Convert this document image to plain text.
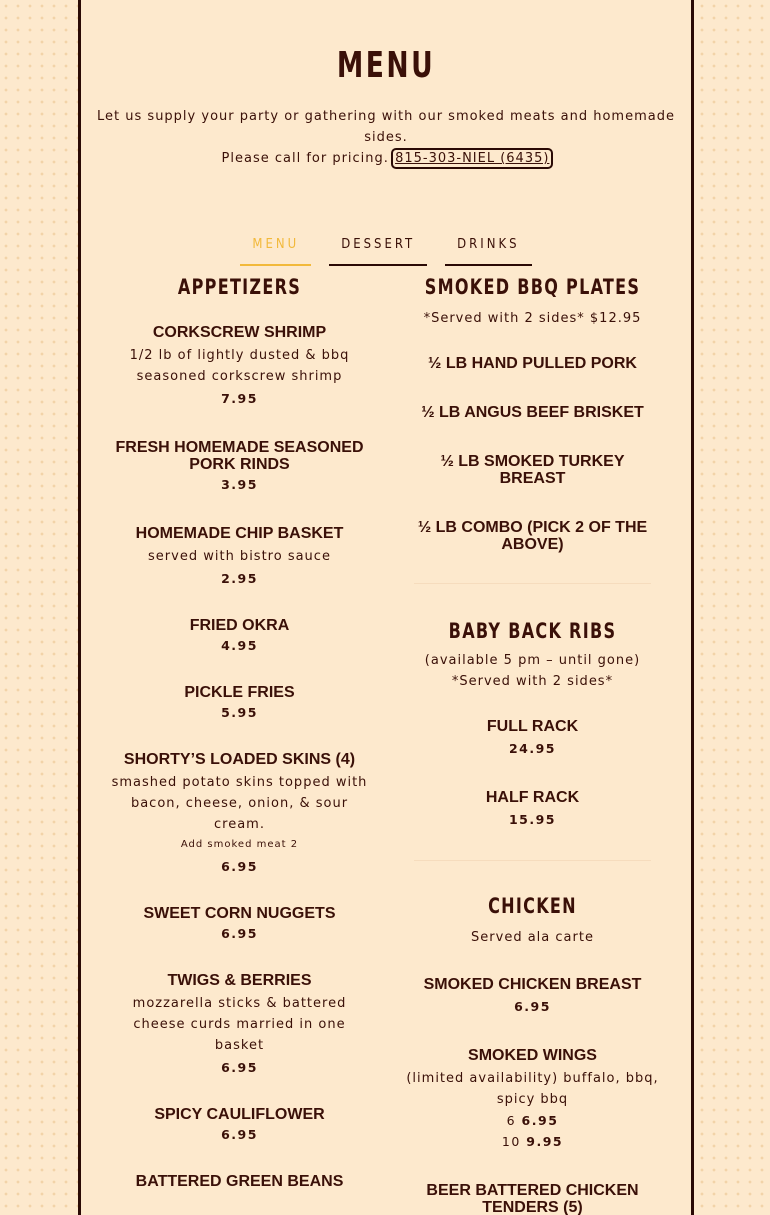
MENU
Let us supply your party or gathering with our smoked meats and homemade sides.
Please call for pricing. 815-303-NIEL (6435)
MENU	DESSERT	DRINKS
APPETIZERS
CORKSCREW SHRIMP
1/2 lb of lightly dusted & bbq seasoned corkscrew shrimp
7.95
FRESH HOMEMADE SEASONED PORK RINDS
3.95
HOMEMADE CHIP BASKET
served with bistro sauce
2.95
FRIED OKRA
4.95
PICKLE FRIES
5.95
SHORTY’S LOADED SKINS (4)
smashed potato skins topped with bacon, cheese, onion, & sour cream.
Add smoked meat 2
6.95
SWEET CORN NUGGETS
6.95
TWIGS & BERRIES
mozzarella sticks & battered cheese curds married in one basket
6.95
SPICY CAULIFLOWER
6.95
BATTERED GREEN BEANS
SMOKED BBQ PLATES
*Served with 2 sides* $12.95
½ LB HAND PULLED PORK
½ LB ANGUS BEEF BRISKET
½ LB SMOKED TURKEY BREAST
½ LB COMBO (PICK 2 OF THE ABOVE)
BABY BACK RIBS
(available 5 pm – until gone)
*Served with 2 sides*
FULL RACK
24.95
HALF RACK
15.95
CHICKEN
Served ala carte
SMOKED CHICKEN BREAST
6.95
SMOKED WINGS
(limited availability) buffalo, bbq, spicy bbq
6 6.95
10 9.95
BEER BATTERED CHICKEN TENDERS (5)
